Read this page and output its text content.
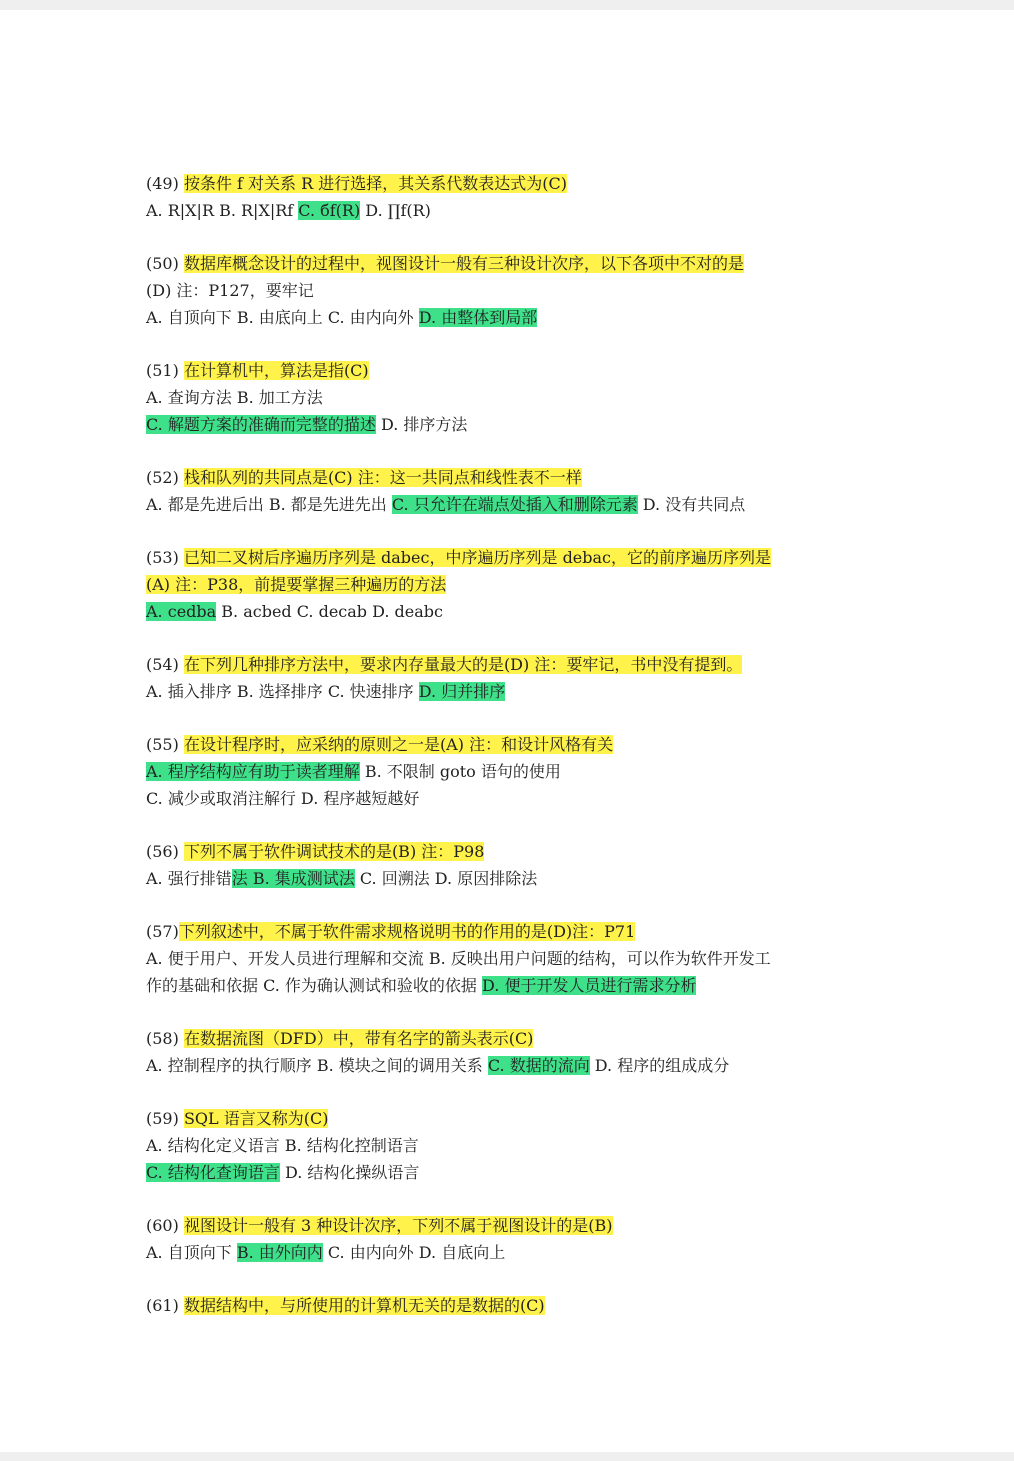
(49) 按条件 f 对关系 R 进行选择，其关系代数表达式为(C)
A. R|X|R B. R|X|Rf C. бf(R) D. ∏f(R)
(50) 数据库概念设计的过程中，视图设计一般有三种设计次序，以下各项中不对的是
(D) 注：P127，要牢记
A. 自顶向下 B. 由底向上 C. 由内向外 D. 由整体到局部
(51) 在计算机中，算法是指(C)
A. 查询方法 B. 加工方法
C. 解题方案的准确而完整的描述 D. 排序方法
(52) 栈和队列的共同点是(C) 注：这一共同点和线性表不一样
A. 都是先进后出 B. 都是先进先出 C. 只允许在端点处插入和删除元素 D. 没有共同点
(53) 已知二叉树后序遍历序列是 dabec，中序遍历序列是 debac，它的前序遍历序列是
(A) 注：P38，前提要掌握三种遍历的方法
A. cedba B. acbed C. decab D. deabc
(54) 在下列几种排序方法中，要求内存量最大的是(D) 注：要牢记，书中没有提到。
A. 插入排序 B. 选择排序 C. 快速排序 D. 归并排序
(55) 在设计程序时，应采纳的原则之一是(A) 注：和设计风格有关
A. 程序结构应有助于读者理解 B. 不限制 goto 语句的使用
C. 减少或取消注解行 D. 程序越短越好
(56) 下列不属于软件调试技术的是(B) 注：P98
A. 强行排错法 B. 集成测试法 C. 回溯法 D. 原因排除法
(57)下列叙述中，不属于软件需求规格说明书的作用的是(D)注：P71
A. 便于用户、开发人员进行理解和交流 B. 反映出用户问题的结构，可以作为软件开发工
作的基础和依据 C. 作为确认测试和验收的依据 D. 便于开发人员进行需求分析
(58) 在数据流图（DFD）中，带有名字的箭头表示(C)
A. 控制程序的执行顺序 B. 模块之间的调用关系 C. 数据的流向 D. 程序的组成成分
(59) SQL 语言又称为(C)
A. 结构化定义语言 B. 结构化控制语言
C. 结构化查询语言 D. 结构化操纵语言
(60) 视图设计一般有 3 种设计次序，下列不属于视图设计的是(B)
A. 自顶向下 B. 由外向内 C. 由内向外 D. 自底向上
(61) 数据结构中，与所使用的计算机无关的是数据的(C)
